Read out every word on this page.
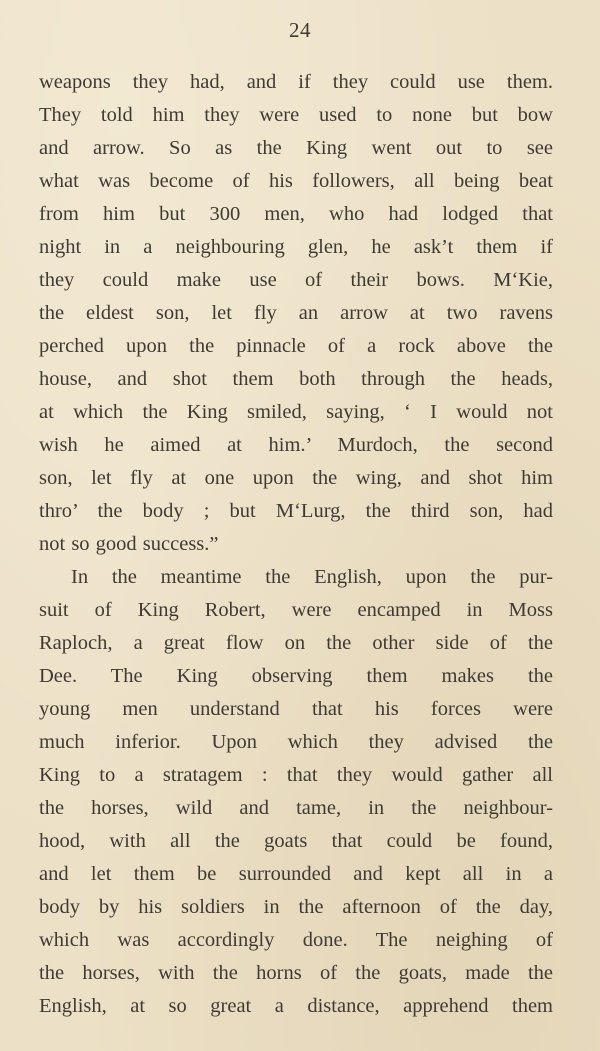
24
weapons they had, and if they could use them.
They told him they were used to none but bow
and arrow. So as the King went out to see
what was become of his followers, all being beat
from him but 300 men, who had lodged that
night in a neighbouring glen, he ask’t them if
they could make use of their bows. M‘Kie,
the eldest son, let fly an arrow at two ravens
perched upon the pinnacle of a rock above the
house, and shot them both through the heads,
at which the King smiled, saying, ‘ I would not
wish he aimed at him.’ Murdoch, the second
son, let fly at one upon the wing, and shot him
thro’ the body ; but M‘Lurg, the third son, had
not so good success.”
In the meantime the English, upon the pur-
suit of King Robert, were encamped in Moss
Raploch, a great flow on the other side of the
Dee. The King observing them makes the
young men understand that his forces were
much inferior. Upon which they advised the
King to a stratagem : that they would gather all
the horses, wild and tame, in the neighbour-
hood, with all the goats that could be found,
and let them be surrounded and kept all in a
body by his soldiers in the afternoon of the day,
which was accordingly done. The neighing of
the horses, with the horns of the goats, made the
English, at so great a distance, apprehend them
